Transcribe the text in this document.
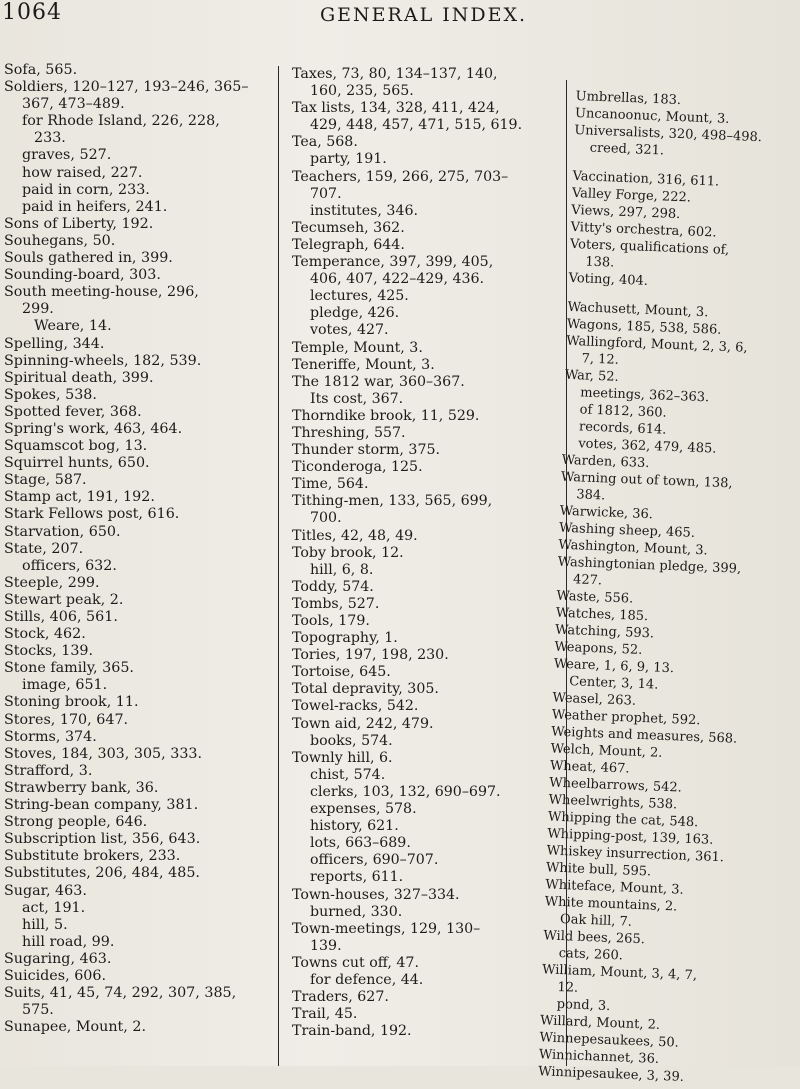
1064	GENERAL INDEX.
Sofa, 565.
Soldiers, 120–127, 193–246, 365–
367, 473–489.
for Rhode Island, 226, 228,
233.
graves, 527.
how raised, 227.
paid in corn, 233.
paid in heifers, 241.
Sons of Liberty, 192.
Souhegans, 50.
Souls gathered in, 399.
Sounding-board, 303.
South meeting-house, 296,
299.
Weare, 14.
Spelling, 344.
Spinning-wheels, 182, 539.
Spiritual death, 399.
Spokes, 538.
Spotted fever, 368.
Spring's work, 463, 464.
Squamscot bog, 13.
Squirrel hunts, 650.
Stage, 587.
Stamp act, 191, 192.
Stark Fellows post, 616.
Starvation, 650.
State, 207.
officers, 632.
Steeple, 299.
Stewart peak, 2.
Stills, 406, 561.
Stock, 462.
Stocks, 139.
Stone family, 365.
image, 651.
Stoning brook, 11.
Stores, 170, 647.
Storms, 374.
Stoves, 184, 303, 305, 333.
Strafford, 3.
Strawberry bank, 36.
String-bean company, 381.
Strong people, 646.
Subscription list, 356, 643.
Substitute brokers, 233.
Substitutes, 206, 484, 485.
Sugar, 463.
act, 191.
hill, 5.
hill road, 99.
Sugaring, 463.
Suicides, 606.
Suits, 41, 45, 74, 292, 307, 385,
575.
Sunapee, Mount, 2.
Taxes, 73, 80, 134–137, 140,
160, 235, 565.
Tax lists, 134, 328, 411, 424,
429, 448, 457, 471, 515, 619.
Tea, 568.
party, 191.
Teachers, 159, 266, 275, 703–
707.
institutes, 346.
Tecumseh, 362.
Telegraph, 644.
Temperance, 397, 399, 405,
406, 407, 422–429, 436.
lectures, 425.
pledge, 426.
votes, 427.
Temple, Mount, 3.
Teneriffe, Mount, 3.
The 1812 war, 360–367.
Its cost, 367.
Thorndike brook, 11, 529.
Threshing, 557.
Thunder storm, 375.
Ticonderoga, 125.
Time, 564.
Tithing-men, 133, 565, 699,
700.
Titles, 42, 48, 49.
Toby brook, 12.
hill, 6, 8.
Toddy, 574.
Tombs, 527.
Tools, 179.
Topography, 1.
Tories, 197, 198, 230.
Tortoise, 645.
Total depravity, 305.
Towel-racks, 542.
Town aid, 242, 479.
books, 574.
Townly hill, 6.
chist, 574.
clerks, 103, 132, 690–697.
expenses, 578.
history, 621.
lots, 663–689.
officers, 690–707.
reports, 611.
Town-houses, 327–334.
burned, 330.
Town-meetings, 129, 130–
139.
Towns cut off, 47.
for defence, 44.
Traders, 627.
Trail, 45.
Train-band, 192.
Umbrellas, 183.
Uncanoonuc, Mount, 3.
Universalists, 320, 498–498.
creed, 321.
Vaccination, 316, 611.
Valley Forge, 222.
Views, 297, 298.
Vitty's orchestra, 602.
Voters, qualifications of,
138.
Voting, 404.
Wachusett, Mount, 3.
Wagons, 185, 538, 586.
Wallingford, Mount, 2, 3, 6,
7, 12.
War, 52.
meetings, 362–363.
of 1812, 360.
records, 614.
votes, 362, 479, 485.
Warden, 633.
Warning out of town, 138,
384.
Warwicke, 36.
Washing sheep, 465.
Washington, Mount, 3.
Washingtonian pledge, 399,
427.
Waste, 556.
Watches, 185.
Watching, 593.
Weapons, 52.
Weare, 1, 6, 9, 13.
Center, 3, 14.
Weasel, 263.
Weather prophet, 592.
Weights and measures, 568.
Welch, Mount, 2.
Wheat, 467.
Wheelbarrows, 542.
Wheelwrights, 538.
Whipping the cat, 548.
Whipping-post, 139, 163.
Whiskey insurrection, 361.
White bull, 595.
Whiteface, Mount, 3.
White mountains, 2.
Oak hill, 7.
Wild bees, 265.
cats, 260.
William, Mount, 3, 4, 7,
12.
pond, 3.
Willard, Mount, 2.
Winnepesaukees, 50.
Winnichannet, 36.
Winnipesaukee, 3, 39.
